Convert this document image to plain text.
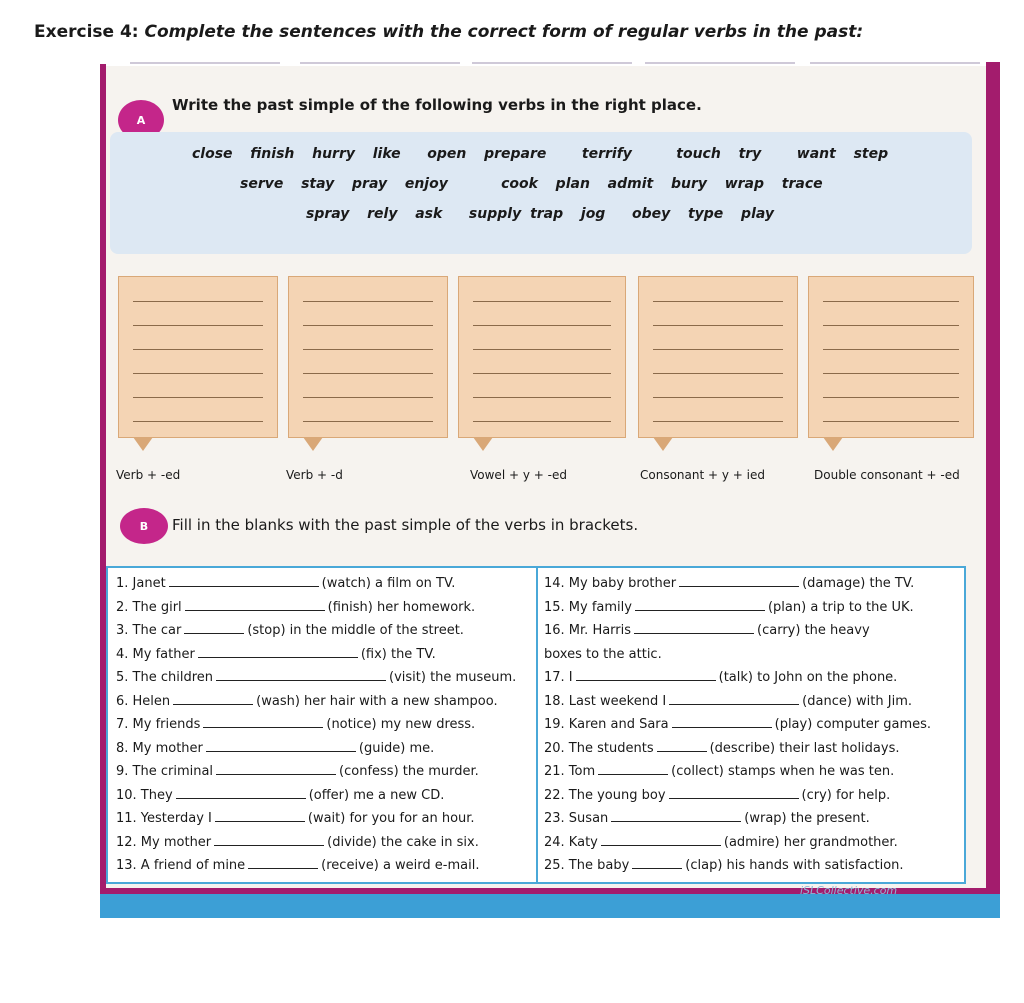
Exercise 4: Complete the sentences with the correct form of regular verbs in the past:
A
Write the past simple of the following verbs in the right place.
close  finish  hurry  like   open  prepare    terrify     touch  try    want  step
serve  stay  pray  enjoy      cook  plan  admit  bury  wrap  trace
spray  rely  ask   supply trap  jog   obey  type  play
Verb + -ed	Verb + -d	Vowel + y + -ed	Consonant + y + ied	Double consonant + -ed
B	Fill in the blanks with the past simple of the verbs in brackets.
1. Janet	(watch) a film on TV.
2. The girl	(finish) her homework.
3. The car	(stop) in the middle of the street.
4. My father	(fix) the TV.
5. The children	(visit) the museum.
6. Helen	(wash) her hair with a new shampoo.
7. My friends	(notice) my new dress.
8. My mother	(guide) me.
9. The criminal	(confess) the murder.
10. They	(offer) me a new CD.
11. Yesterday I	(wait) for you for an hour.
12. My mother	(divide) the cake in six.
13. A friend of mine	(receive) a weird e-mail.
14. My baby brother	(damage) the TV.
15. My family	(plan) a trip to the UK.
16. Mr. Harris	(carry) the heavy
boxes to the attic.
17. I	(talk) to John on the phone.
18. Last weekend I	(dance) with Jim.
19. Karen and Sara	(play) computer games.
20. The students	(describe) their last holidays.
21. Tom	(collect) stamps when he was ten.
22. The young boy	(cry) for help.
23. Susan	(wrap) the present.
24. Katy	(admire) her grandmother.
25. The baby	(clap) his hands with satisfaction.
iSLCollective.com
